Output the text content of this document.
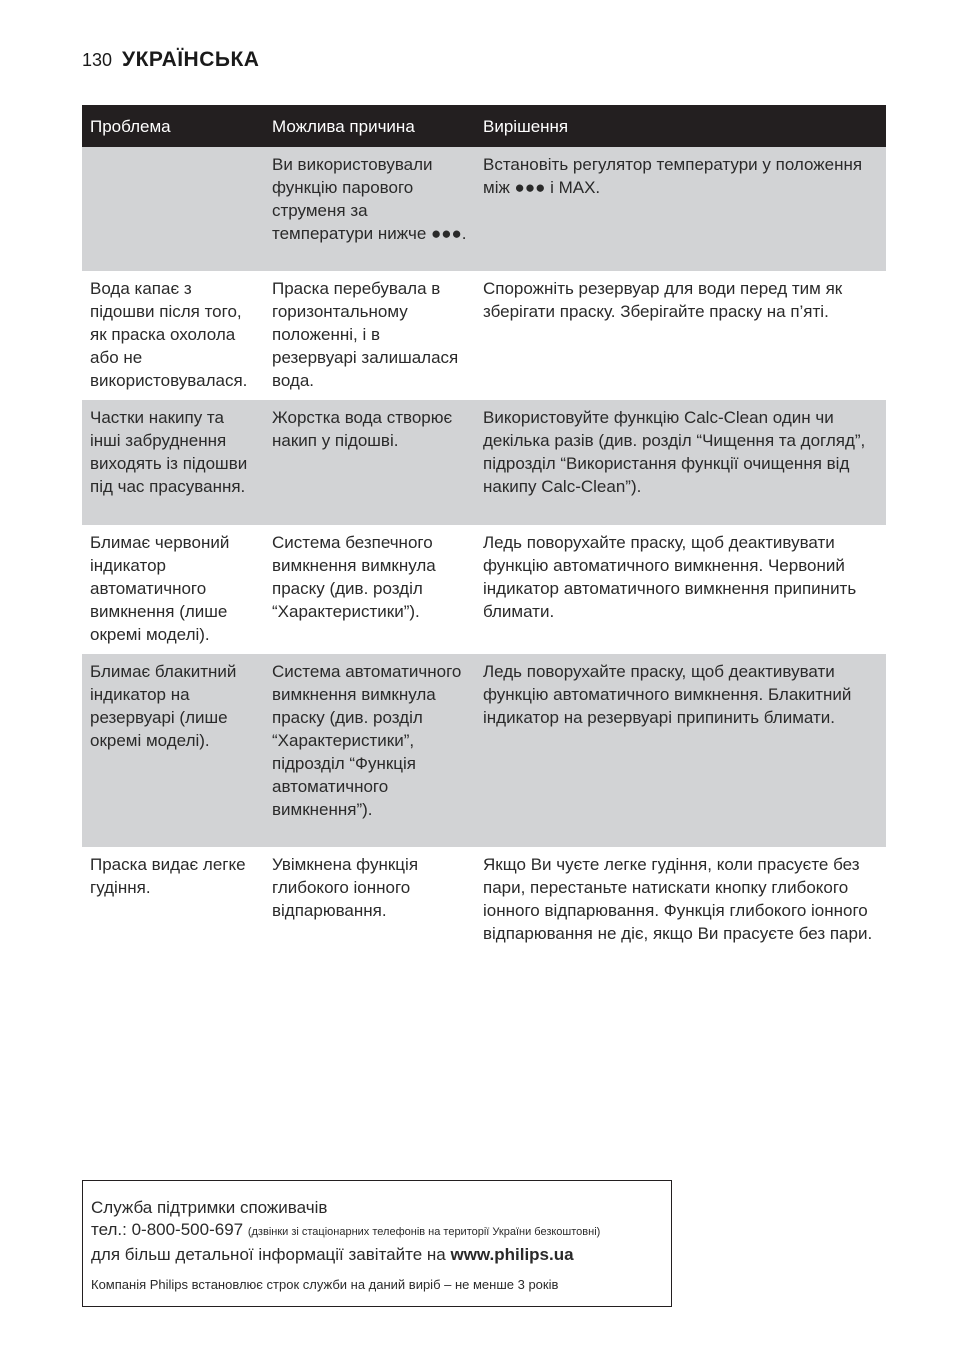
130 УКРАЇНСЬКА
Проблема	Можлива причина	Вирішення
	Ви використовували функцію парового струменя за температури нижче ●●●.	Встановіть регулятор температури у положення між ●●● і MAX.
Вода капає з підошви після того, як праска охолола або не використовувалася.	Праска перебувала в горизонтальному положенні, і в резервуарі залишалася вода.	Спорожніть резервуар для води перед тим як зберігати праску. Зберігайте праску на п’яті.
Частки накипу та інші забруднення виходять із підошви під час прасування.	Жорстка вода створює накип у підошві.	Використовуйте функцію Calc-Clean один чи декілька разів (див. розділ “Чищення та догляд”, підрозділ “Використання функції очищення від накипу Calc-Clean”).
Блимає червоний індикатор автоматичного вимкнення (лише окремі моделі).	Система безпечного вимкнення вимкнула праску (див. розділ “Характеристики”).	Ледь поворухайте праску, щоб деактивувати функцію автоматичного вимкнення. Червоний індикатор автоматичного вимкнення припинить блимати.
Блимає блакитний індикатор на резервуарі (лише окремі моделі).	Система автоматичного вимкнення вимкнула праску (див. розділ “Характеристики”, підрозділ “Функція автоматичного вимкнення”).	Ледь поворухайте праску, щоб деактивувати функцію автоматичного вимкнення. Блакитний індикатор на резервуарі припинить блимати.
Праска видає легке гудіння.	Увімкнена функція глибокого іонного відпарювання.	Якщо Ви чуєте легке гудіння, коли прасуєте без пари, перестаньте натискати кнопку глибокого іонного відпарювання. Функція глибокого іонного відпарювання не діє, якщо Ви прасуєте без пари.
Служба підтримки споживачів
тел.: 0-800-500-697 (дзвінки зі стаціонарних телефонів на території України безкоштовні)
для більш детальної інформації завітайте на www.philips.ua
Компанія Philips встановлює строк служби на даний виріб – не менше 3 років
